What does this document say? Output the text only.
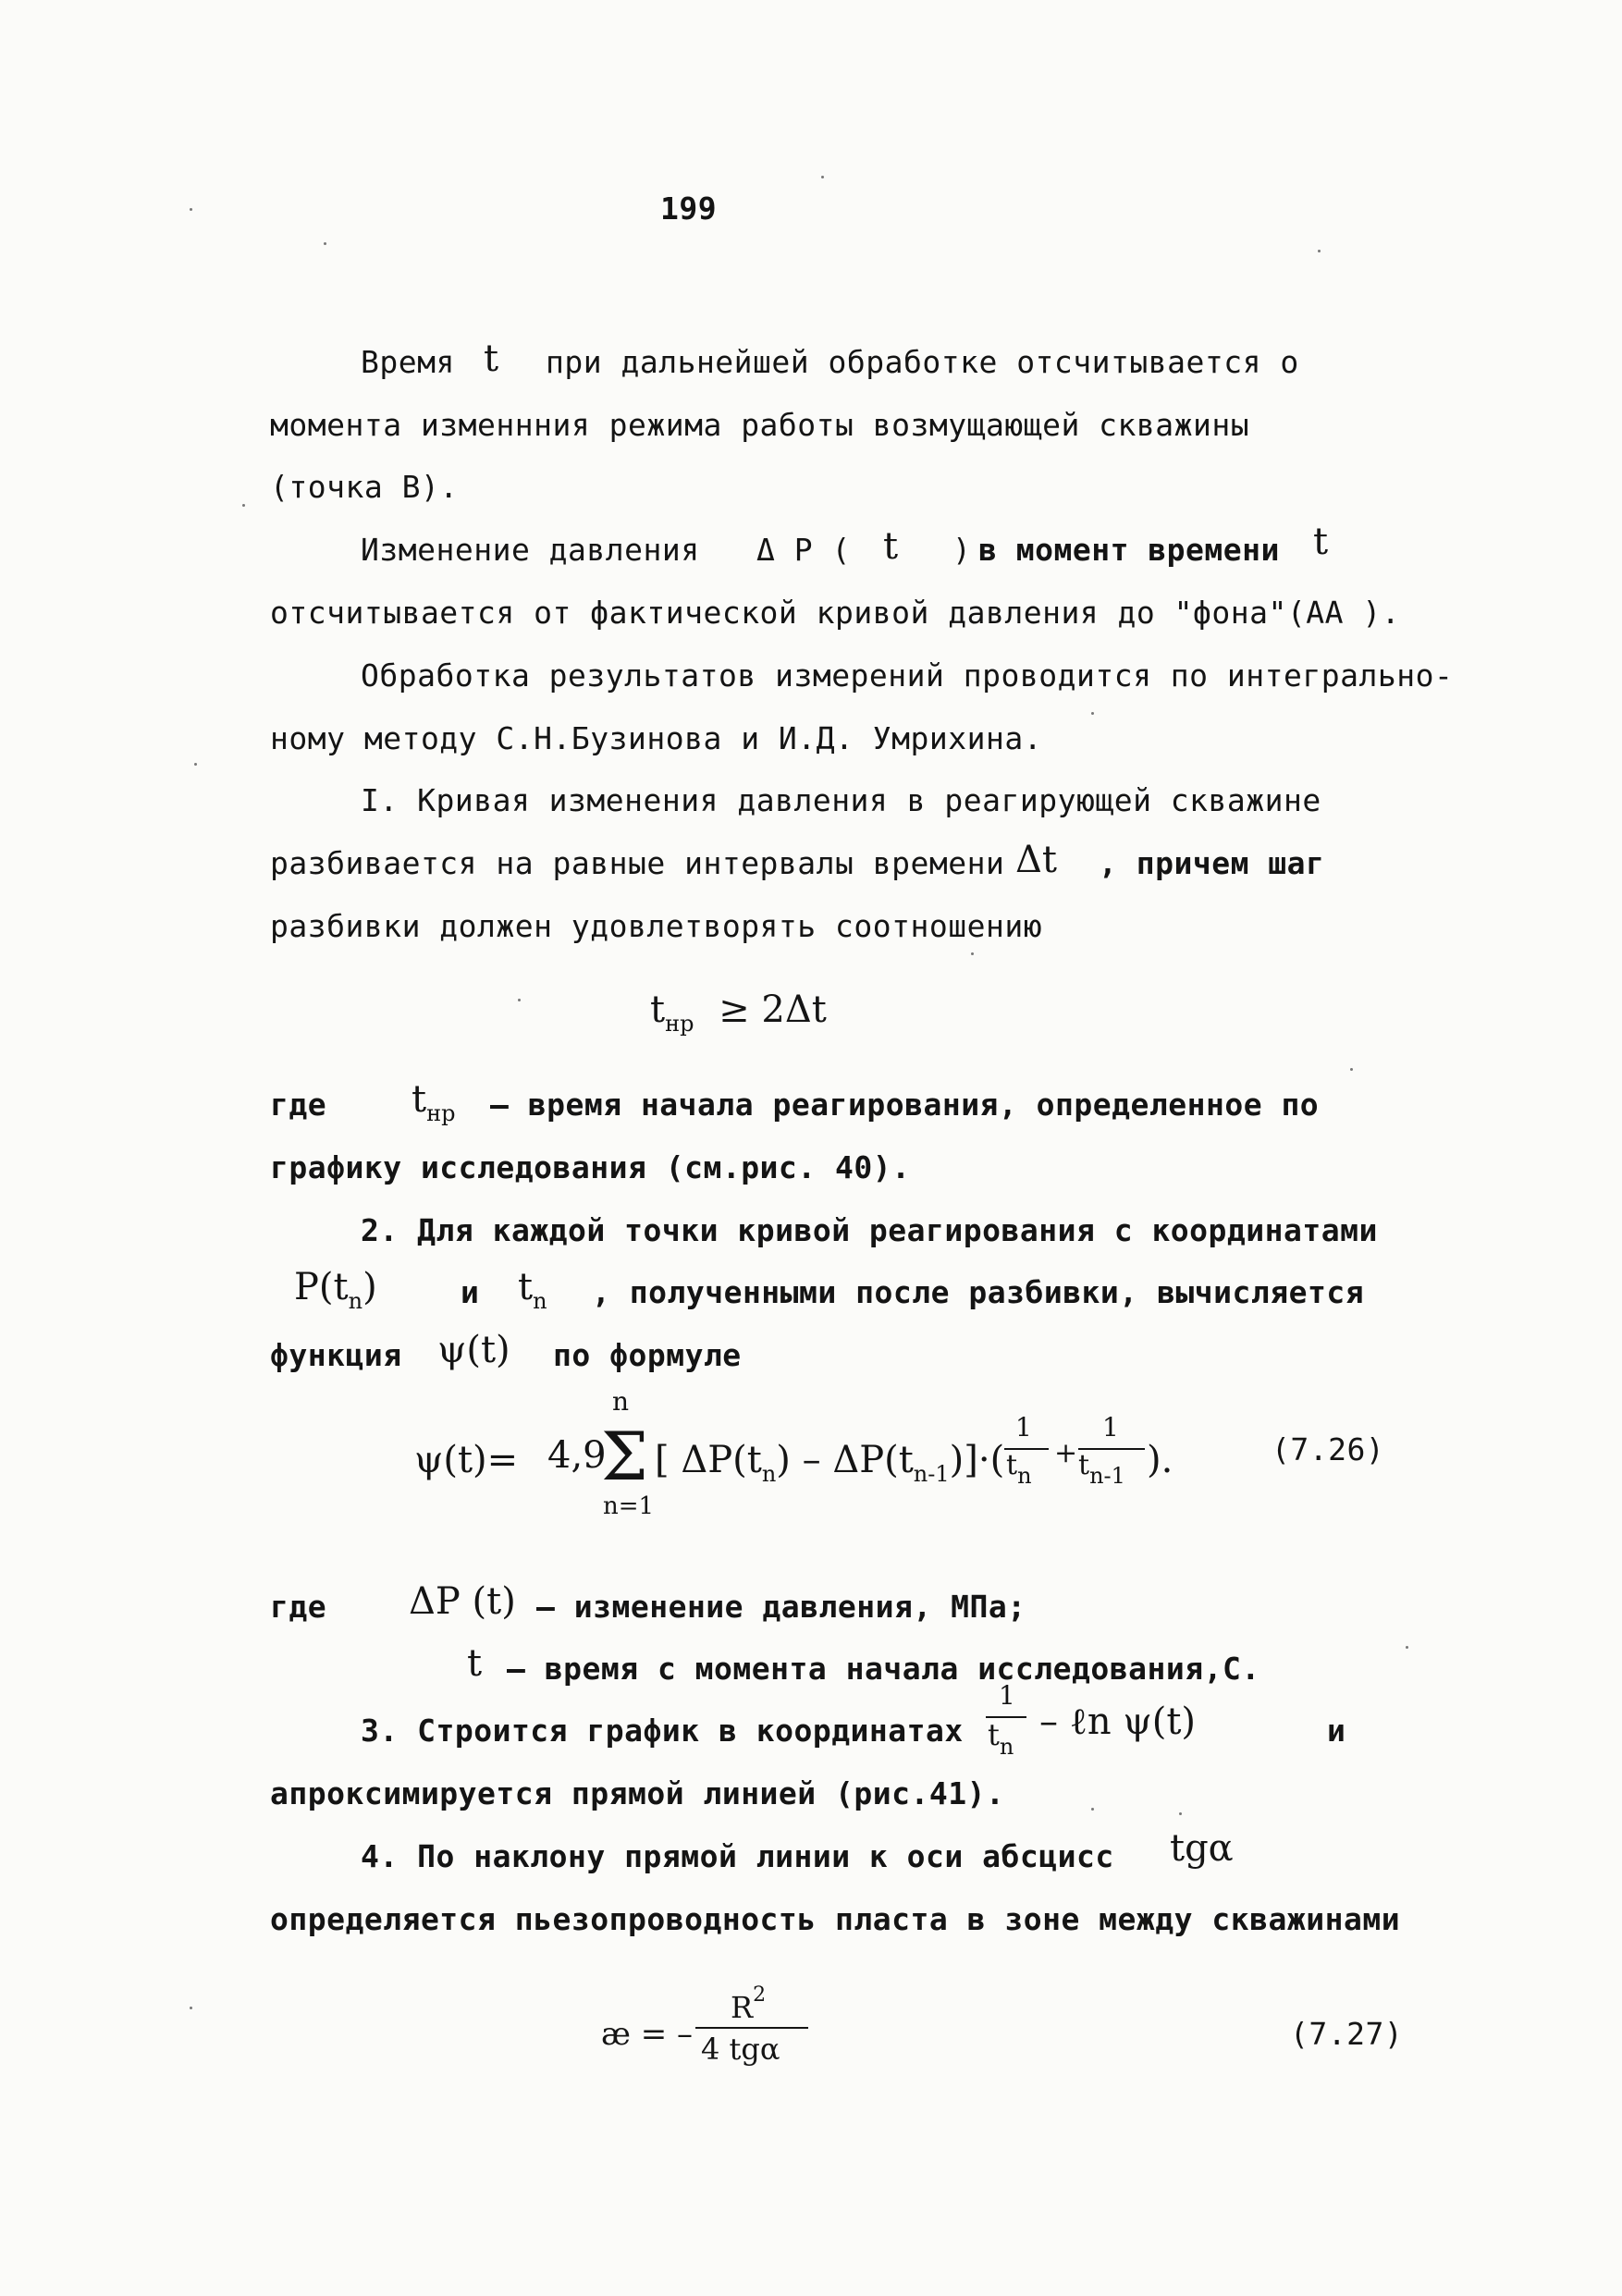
199
Время t при дальнейшей обработке отсчитывается о
момента изменнния режима работы возмущающей скважины
(точка В).
Изменение давления Δ P ( t ) в момент времени t
отсчитывается от фактической кривой давления до "фона"(АА ).
Обработка результатов измерений проводится по интегрально-
ному методу С.Н.Бузинова и И.Д. Умрихина.
I. Кривая изменения давления в реагирующей скважине
разбивается на равные интервалы времени Δt , причем шаг
разбивки должен удовлетворять соотношению
$t_{нр} \ge 2\Delta t$
где $t_{нр}$ – время начала реагирования, определенное по
графику исследования (см.рис. 40).
2. Для каждой точки кривой реагирования с координатами
$P(t_n)$	и $t_n$ , полученными после разбивки, вычисляется
функция ψ(t) по формуле
ψ(t)= 4,9
Σ
n
n=1
[ $\Delta P(t_n) - \Delta P(t_{n-1})]\cdot$(
1
$t_n$
+
1
$t_{n-1}$ ).	(7.26)
где ΔP (t) – изменение давления, МПа;
t – время с момента начала исследования,С.
3. Строится график в координатах
1
$t_n$
– ℓn ψ(t)	и
апроксимируется прямой линией (рис.41).
4. По наклону прямой линии к оси абсцисс tgα
определяется пьезопроводность пласта в зоне между скважинами
æ = –
$R^2$
4 tgα	(7.27)
